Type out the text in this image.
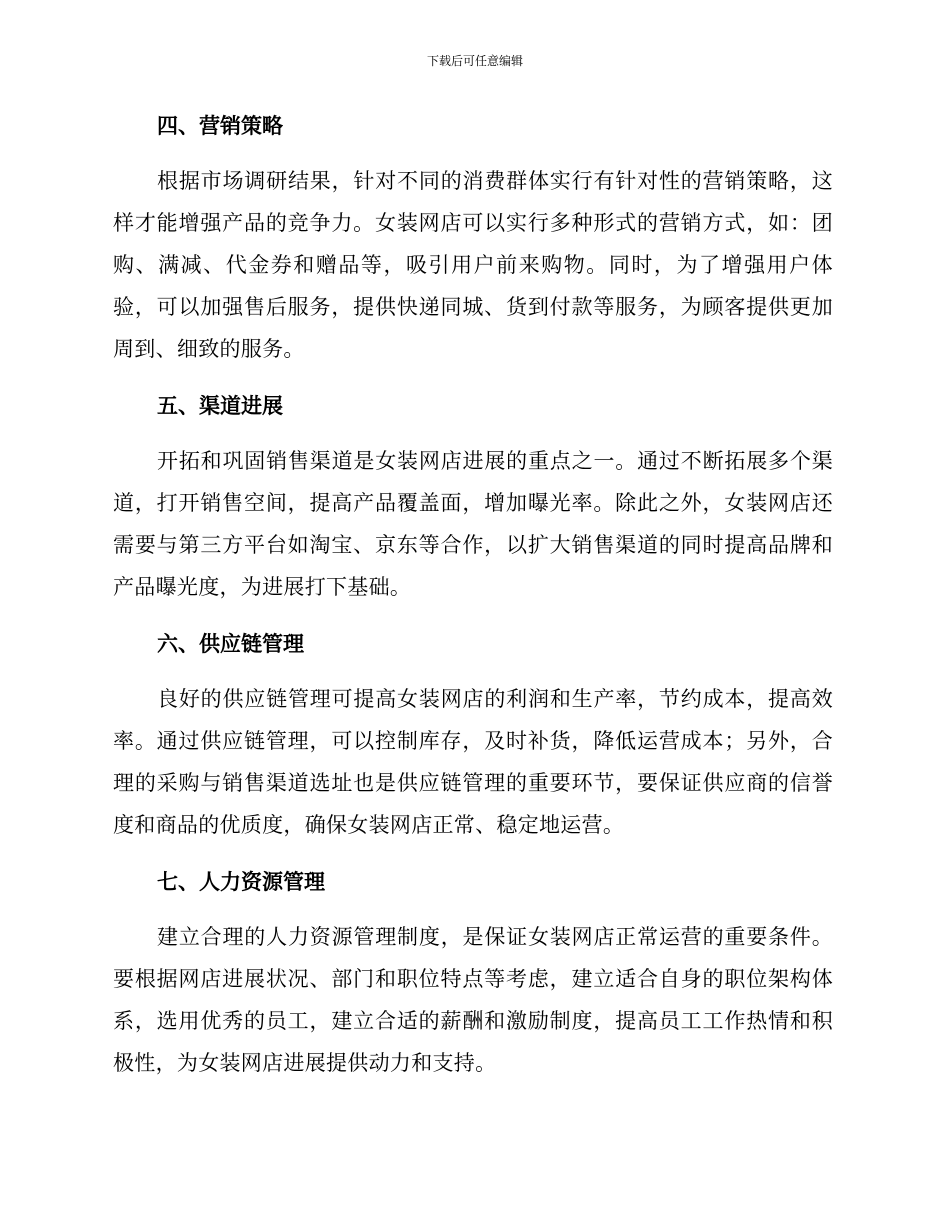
下载后可任意编辑
四、营销策略

根据市场调研结果，针对不同的消费群体实行有针对性的营销策略，这样才能增强产品的竞争力。女装网店可以实行多种形式的营销方式，如：团购、满减、代金券和赠品等，吸引用户前来购物。同时，为了增强用户体验，可以加强售后服务，提供快递同城、货到付款等服务，为顾客提供更加周到、细致的服务。

五、渠道进展

开拓和巩固销售渠道是女装网店进展的重点之一。通过不断拓展多个渠道，打开销售空间，提高产品覆盖面，增加曝光率。除此之外，女装网店还需要与第三方平台如淘宝、京东等合作，以扩大销售渠道的同时提高品牌和产品曝光度，为进展打下基础。

六、供应链管理

良好的供应链管理可提高女装网店的利润和生产率，节约成本，提高效率。通过供应链管理，可以控制库存，及时补货，降低运营成本；另外，合理的采购与销售渠道选址也是供应链管理的重要环节，要保证供应商的信誉度和商品的优质度，确保女装网店正常、稳定地运营。

七、人力资源管理

建立合理的人力资源管理制度，是保证女装网店正常运营的重要条件。要根据网店进展状况、部门和职位特点等考虑，建立适合自身的职位架构体系，选用优秀的员工，建立合适的薪酬和激励制度，提高员工工作热情和积极性，为女装网店进展提供动力和支持。
